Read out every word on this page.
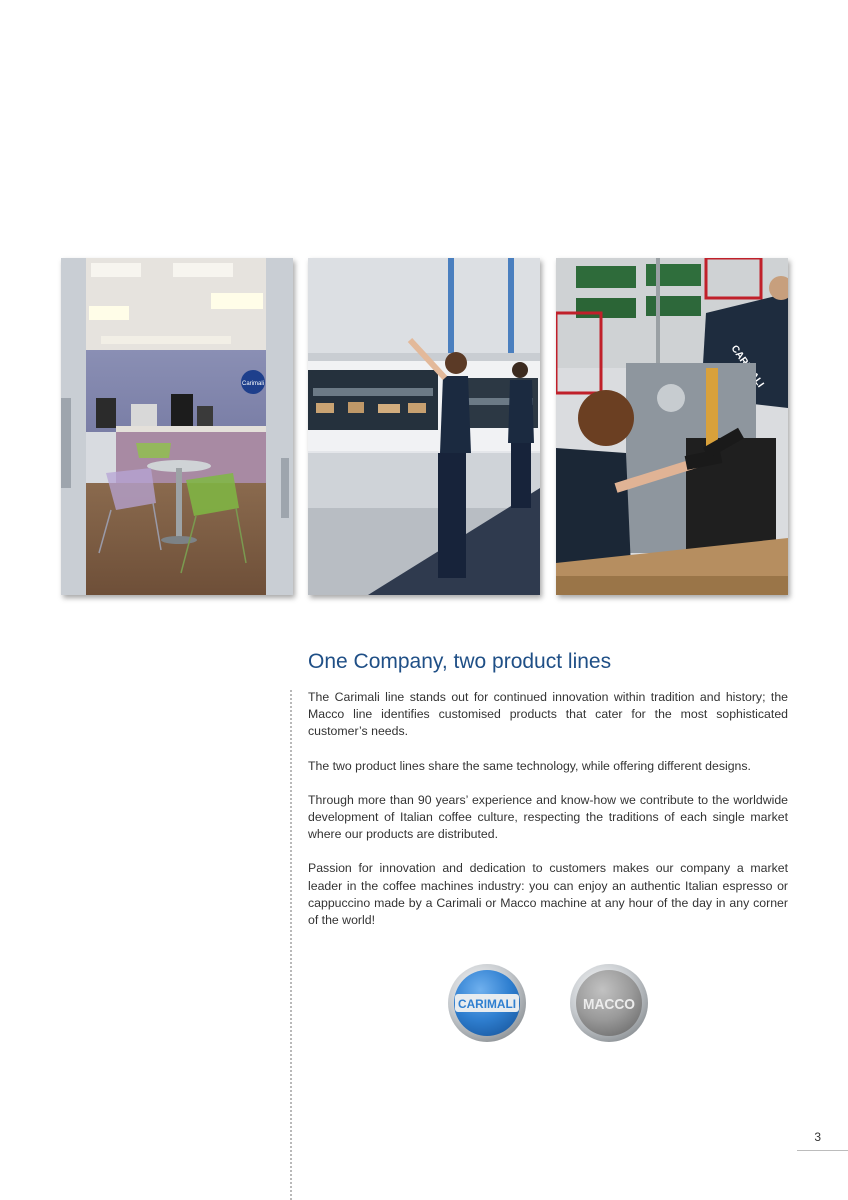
Carimali
One Company, two product lines

The Carimali line stands out for continued innovation within tradition and history; the Macco line identifies customised products that cater for the most sophisticated customer’s needs.

The two product lines share the same technology, while offering different designs.

Through more than 90 years’ experience and know-how we contribute to the worldwide development of Italian coffee culture, respecting the traditions of each single market where our products are distributed.

Passion for innovation and dedication to customers makes our company a market leader in the coffee machines industry: you can enjoy an authentic Italian espresso or cappuccino made by a Carimali or Macco machine at any hour of the day in any corner of the world!

CARIMALI	MACCO
3
